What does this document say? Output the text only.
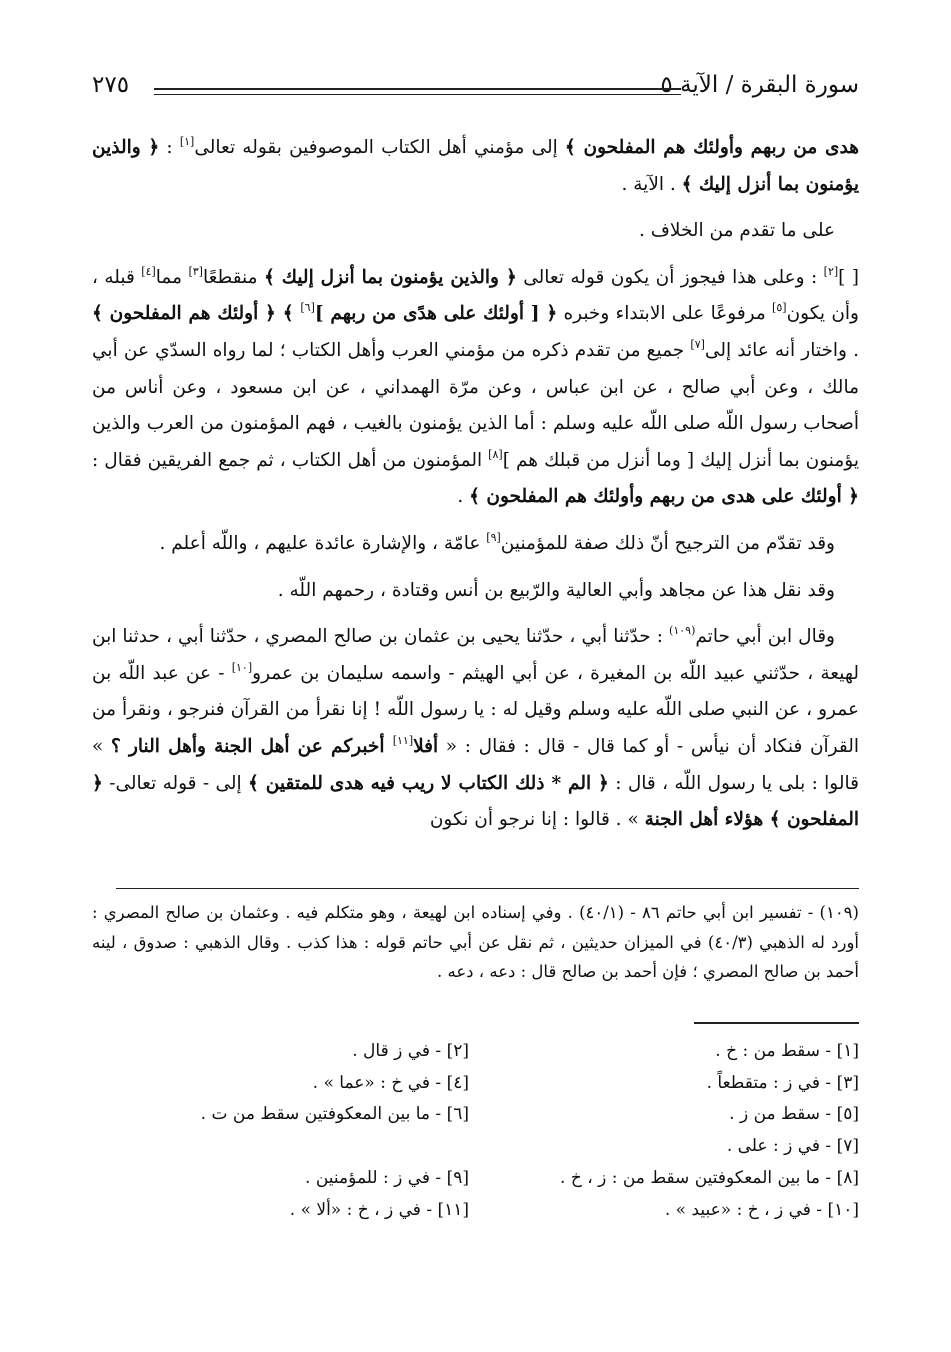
سورة البقرة / الآية ٥
٢٧٥

هدى من ربهم وأولئك هم المفلحون ﴾ إلى مؤمني أهل الكتاب الموصوفين بقوله تعالى[١] : ﴿ والذين يؤمنون بما أنزل إليك ﴾ . الآية .

على ما تقدم من الخلاف .

[ ][٢] : وعلى هذا فيجوز أن يكون قوله تعالى ﴿ والذين يؤمنون بما أنزل إليك ﴾ منقطعًا[٣] مما[٤] قبله ، وأن يكون[٥] مرفوعًا على الابتداء وخبره ﴿ [ أولئك على هدًى من ربهم ][٦] ﴾ ﴿ أولئك هم المفلحون ﴾ . واختار أنه عائد إلى[٧] جميع من تقدم ذكره من مؤمني العرب وأهل الكتاب ؛ لما رواه السدّي عن أبي مالك ، وعن أبي صالح ، عن ابن عباس ، وعن مرّة الهمداني ، عن ابن مسعود ، وعن أناس من أصحاب رسول اللّه صلى اللّه عليه وسلم : أما الذين يؤمنون بالغيب ، فهم المؤمنون من العرب والذين يؤمنون بما أنزل إليك [ وما أنزل من قبلك هم ][٨] المؤمنون من أهل الكتاب ، ثم جمع الفريقين فقال : ﴿ أولئك على هدى من ربهم وأولئك هم المفلحون ﴾ .

وقد تقدّم من الترجيح أنّ ذلك صفة للمؤمنين[٩] عامّة ، والإشارة عائدة عليهم ، واللّه أعلم .

وقد نقل هذا عن مجاهد وأبي العالية والرّبيع بن أنس وقتادة ، رحمهم اللّه .

وقال ابن أبي حاتم$^{(١٠٩)}$ : حدّثنا أبي ، حدّثنا يحيى بن عثمان بن صالح المصري ، حدّثنا أبي ، حدثنا ابن لهيعة ، حدّثني عبيد اللّه بن المغيرة ، عن أبي الهيثم - واسمه سليمان بن عمرو[١٠] - عن عبد اللّه بن عمرو ، عن النبي صلى اللّه عليه وسلم وقيل له : يا رسول اللّه ! إنا نقرأ من القرآن فنرجو ، ونقرأ من القرآن فنكاد أن نيأس - أو كما قال - قال : فقال : « أفلا[١١] أخبركم عن أهل الجنة وأهل النار ؟ » قالوا : بلى يا رسول اللّه ، قال : ﴿ الم * ذلك الكتاب لا ريب فيه هدى للمتقين ﴾ إلى - قوله تعالى- ﴿ المفلحون ﴾ هؤلاء أهل الجنة » . قالوا : إنا نرجو أن نكون

(١٠٩) - تفسير ابن أبي حاتم ٨٦ - (٤٠/١) . وفي إسناده ابن لهيعة ، وهو متكلم فيه . وعثمان بن صالح المصري : أورد له الذهبي (٤٠/٣) في الميزان حديثين ، ثم نقل عن أبي حاتم قوله : هذا كذب . وقال الذهبي : صدوق ، لينه أحمد بن صالح المصري ؛ فإن أحمد بن صالح قال : دعه ، دعه .
[١] - سقط من : خ .
[٣] - في ز : متقطعاً .
[٥] - سقط من ز .
[٧] - في ز : على .
[٨] - ما بين المعكوفتين سقط من : ز ، خ .
[١٠] - في ز ، خ : «عبيد » .
[٢] - في ز قال .
[٤] - في خ : «عما » .
[٦] - ما بين المعكوفتين سقط من ت .

[٩] - في ز : للمؤمنين .
[١١] - في ز ، خ : «ألا » .
